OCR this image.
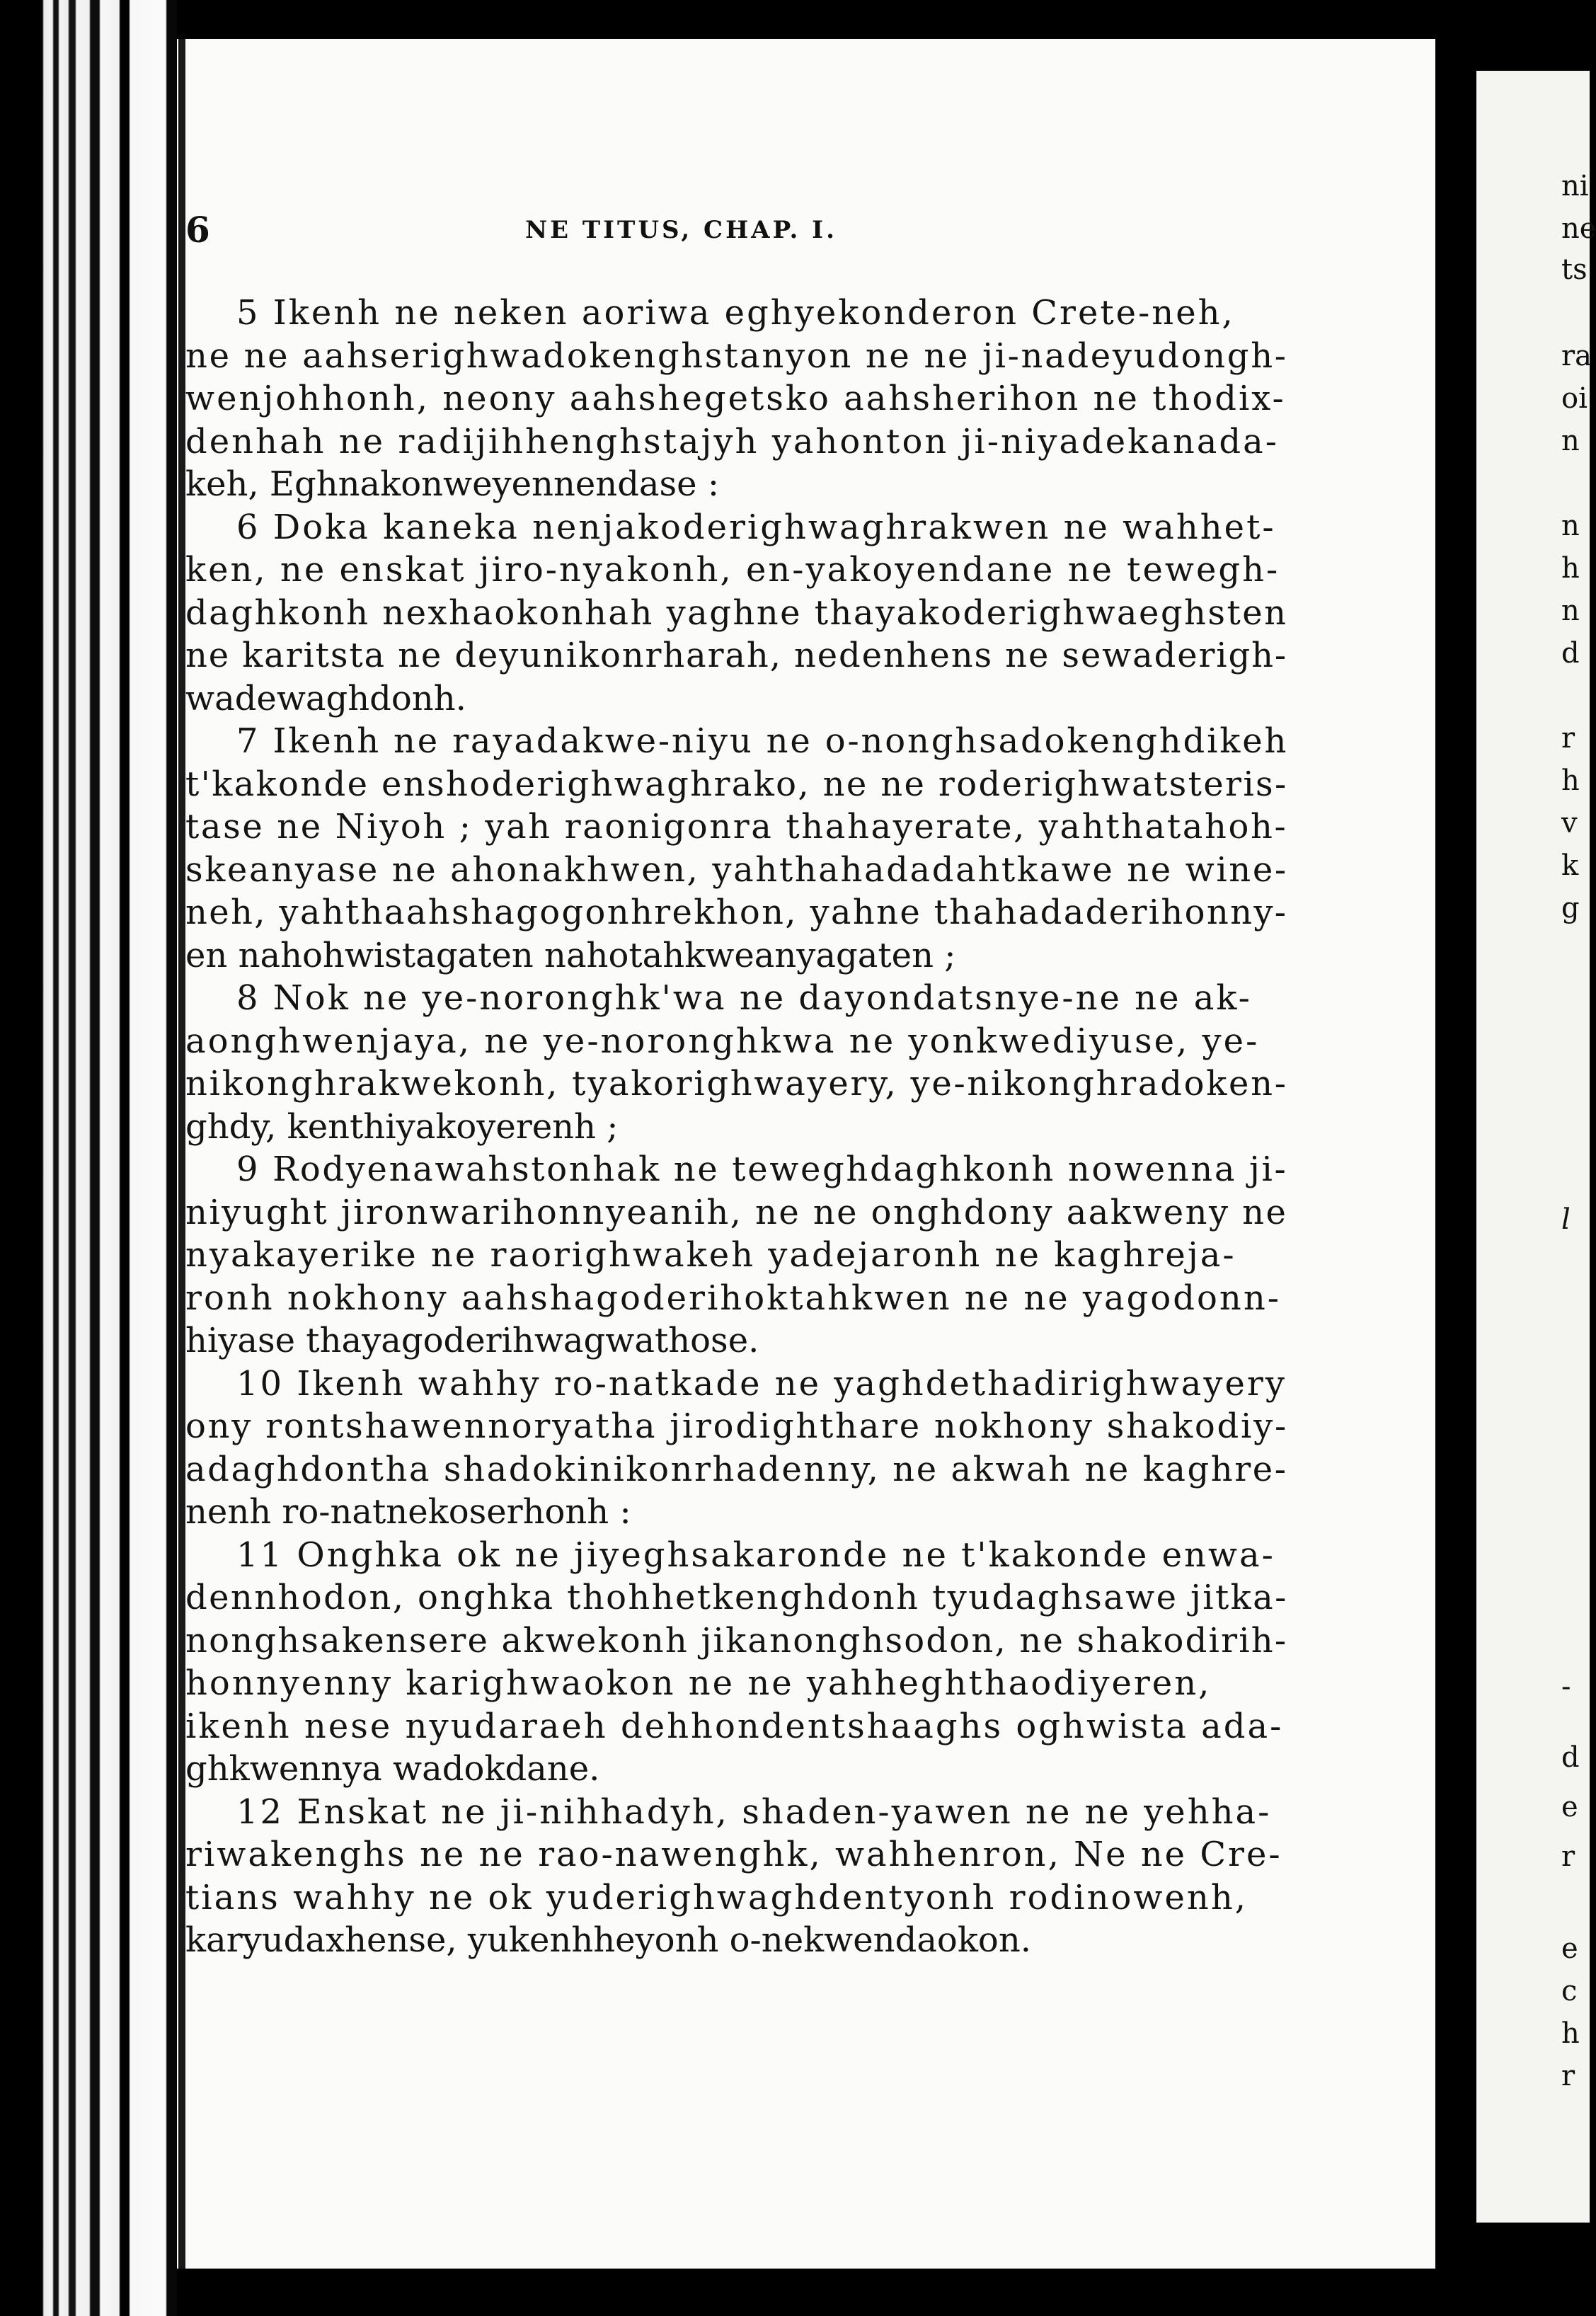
ni
ne
ts
ra
oi
n
n
h
n
d
r
h
v
k
g
l
-
d
e
r
e
c
h
r
6	NE TITUS, CHAP. I.
5 Ikenh ne neken aoriwa eghyekonderon Crete-neh,
ne ne aahserighwadokenghstanyon ne ne ji-nadeyudongh-
wenjohhonh, neony aahshegetsko aahsherihon ne thodix-
denhah ne radijihhenghstajyh yahonton ji-niyadekanada-
keh, Eghnakonweyennendase :
6 Doka kaneka nenjakoderighwaghrakwen ne wahhet-
ken, ne enskat jiro-nyakonh, en-yakoyendane ne tewegh-
daghkonh nexhaokonhah yaghne thayakoderighwaeghsten
ne karitsta ne deyunikonrharah, nedenhens ne sewaderigh-
wadewaghdonh.
7 Ikenh ne rayadakwe-niyu ne o-nonghsadokenghdikeh
t'kakonde enshoderighwaghrako, ne ne roderighwatsteris-
tase ne Niyoh ; yah raonigonra thahayerate, yahthatahoh-
skeanyase ne ahonakhwen, yahthahadadahtkawe ne wine-
neh, yahthaahshagogonhrekhon, yahne thahadaderihonny-
en nahohwistagaten nahotahkweanyagaten ;
8 Nok ne ye-noronghk'wa ne dayondatsnye-ne ne ak-
aonghwenjaya, ne ye-noronghkwa ne yonkwediyuse, ye-
nikonghrakwekonh, tyakorighwayery, ye-nikonghradoken-
ghdy, kenthiyakoyerenh ;
9 Rodyenawahstonhak ne teweghdaghkonh nowenna ji-
niyught jironwarihonnyeanih, ne ne onghdony aakweny ne
nyakayerike ne raorighwakeh yadejaronh ne kaghreja-
ronh nokhony aahshagoderihoktahkwen ne ne yagodonn-
hiyase thayagoderihwagwathose.
10 Ikenh wahhy ro-natkade ne yaghdethadirighwayery
ony rontshawennoryatha jirodighthare nokhony shakodiy-
adaghdontha shadokinikonrhadenny, ne akwah ne kaghre-
nenh ro-natnekoserhonh :
11 Onghka ok ne jiyeghsakaronde ne t'kakonde enwa-
dennhodon, onghka thohhetkenghdonh tyudaghsawe jitka-
nonghsakensere akwekonh jikanonghsodon, ne shakodirih-
honnyenny karighwaokon ne ne yahheghthaodiyeren,
ikenh nese nyudaraeh dehhondentshaaghs oghwista ada-
ghkwennya wadokdane.
12 Enskat ne ji-nihhadyh, shaden-yawen ne ne yehha-
riwakenghs ne ne rao-nawenghk, wahhenron, Ne ne Cre-
tians wahhy ne ok yuderighwaghdentyonh rodinowenh,
karyudaxhense, yukenhheyonh o-nekwendaokon.
